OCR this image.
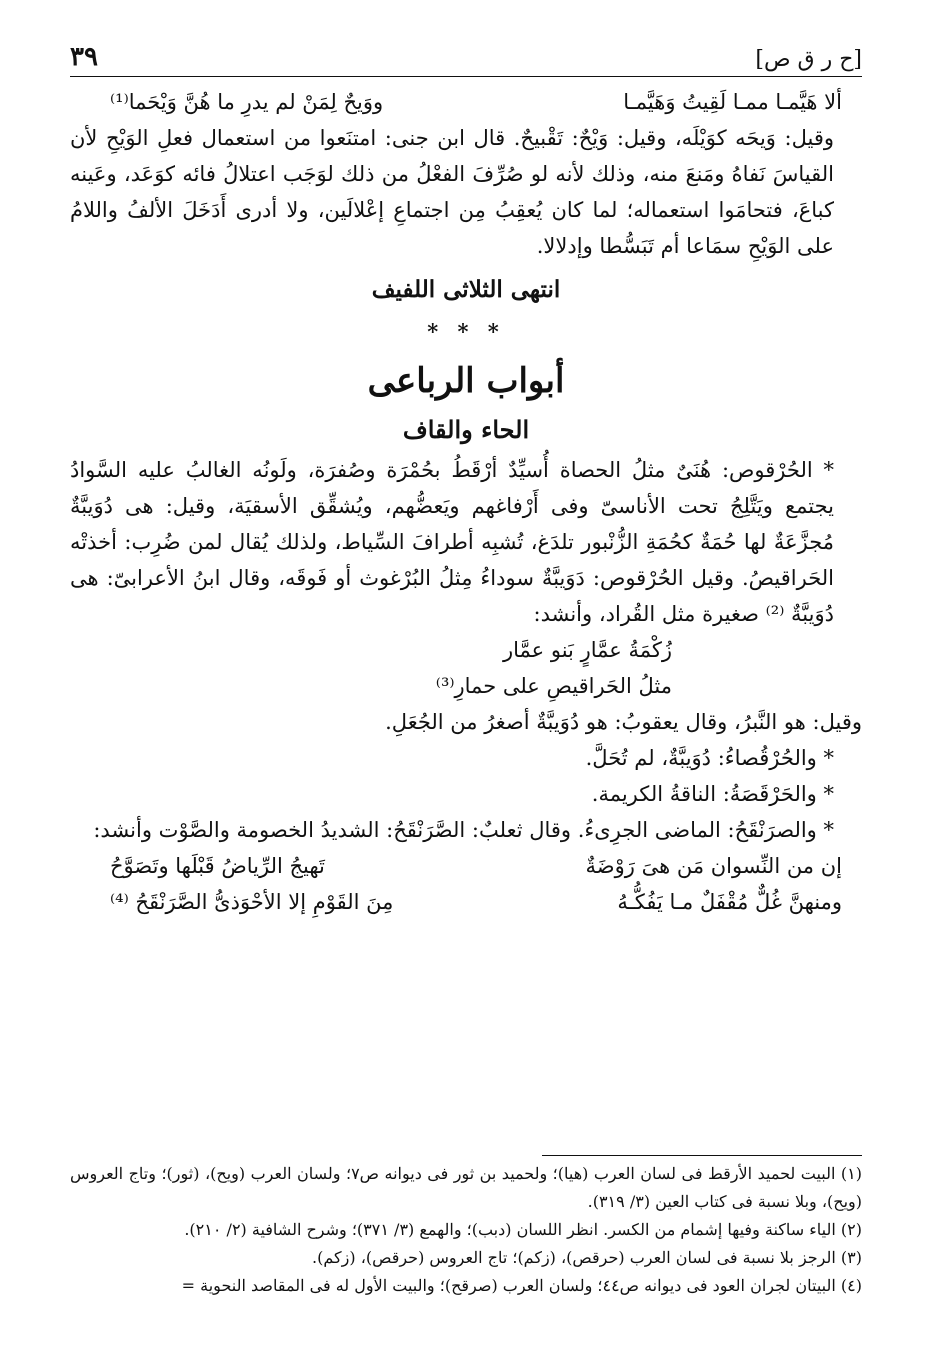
٣٩	[ح ر ق ص]
ألا هَيَّمـا ممـا لَقِيتُ وَهَيَّمـا
ووَيحٌ لِمَنْ لم يدرِ ما هُنَّ وَيْحَما⁽¹⁾

وقيل: وَيحَه كوَيْلَه، وقيل: وَيْحٌ: تَقْبيحٌ. قال ابن جنى: امتنَعوا من استعمال فعلِ الوَيْحِ لأن القياسَ نَفاهُ ومَنعَ منه، وذلك لأنه لو صُرِّفَ الفعْلُ من ذلك لوَجَب اعتلالُ فائه كوَعَد، وعَينه كباعَ، فتحامَوا استعماله؛ لما كان يُعقِبُ مِن اجتماعِ إعْلالَين، ولا أدرى أَدَخَلَ الألفُ واللامُ على الوَيْحِ سمَاعا أم تَبَسُّطا وإدلالا.

انتهى الثلاثى اللفيف
* * *
أبواب الرباعى
الحاء والقاف

* الحُرْقوص: هُنَىٌ مثلُ الحصاة أُسيِّدٌ أرْقَطُ بحُمْرَة وصُفرَة، ولَونُه الغالبُ عليه السَّوادُ يجتمع ويَتَّلِجُ تحت الأناسىّ وفى أَرْفاغهم ويَعضُّهم، ويُشقِّق الأسقيَة، وقيل: هى دُوَيبَّةٌ مُجزَّعَةٌ لها حُمَةٌ كحُمَةِ الزُّنْبور تلدَغ، تُشبِه أطرافَ السِّياط، ولذلك يُقال لمن ضُرِب: أخذتْه الحَراقيصُ. وقيل الحُرْقوص: دَوَيبَّةٌ سوداءُ مِثلُ البُرْغوث أو فَوقَه، وقال ابنُ الأعرابىّ: هى دُوَيبَّةٌ ⁽²⁾ صغيرة مثل القُراد، وأنشد:

زُكْمَةُ عمَّارٍ بَنو عمَّار
مثلُ الحَراقيصِ على حمارِ⁽³⁾

وقيل: هو النَّبرُ، وقال يعقوبُ: هو دُوَيبَّةٌ أصغرُ من الجُعَلِ.

* والحُرْقُصاءُ: دُوَيبَّةٌ، لم تُحَلَّ.

* والحَرْقَصَةُ: الناقةُ الكريمة.

* والصرَنْقَحُ: الماضى الجرِىءُ. وقال ثعلبٌ: الصَّرَنْقَحُ: الشديدُ الخصومة والصَّوْت وأنشد:

إن من النِّسوان مَن هىَ رَوْضَةٌ
تَهيجُ الرِّياضُ قَبْلَها وتَصَوَّحُ
ومنهنَّ غُلٌّ مُقْفَلٌ مـا يَفُكُّـهُ
مِنَ القَوْمِ إلا الأحْوَذىُّ الصَّرَنْقَحُ ⁽⁴⁾

(١) البيت لحميد الأرقط فى لسان العرب (هيا)؛ ولحميد بن ثور فى ديوانه ص٧؛ ولسان العرب (ويح)، (ثور)؛ وتاج العروس (ويح)، وبلا نسبة فى كتاب العين (٣/ ٣١٩).

(٢) الياء ساكنة وفيها إشمام من الكسر. انظر اللسان (دبب)؛ والهمع (٣/ ٣٧١)؛ وشرح الشافية (٢/ ٢١٠).

(٣) الرجز بلا نسبة فى لسان العرب (حرقص)، (زكم)؛ تاج العروس (حرقص)، (زكم).

(٤) البيتان لجران العود فى ديوانه ص٤٤؛ ولسان العرب (صرقح)؛ والبيت الأول له فى المقاصد النحوية =
